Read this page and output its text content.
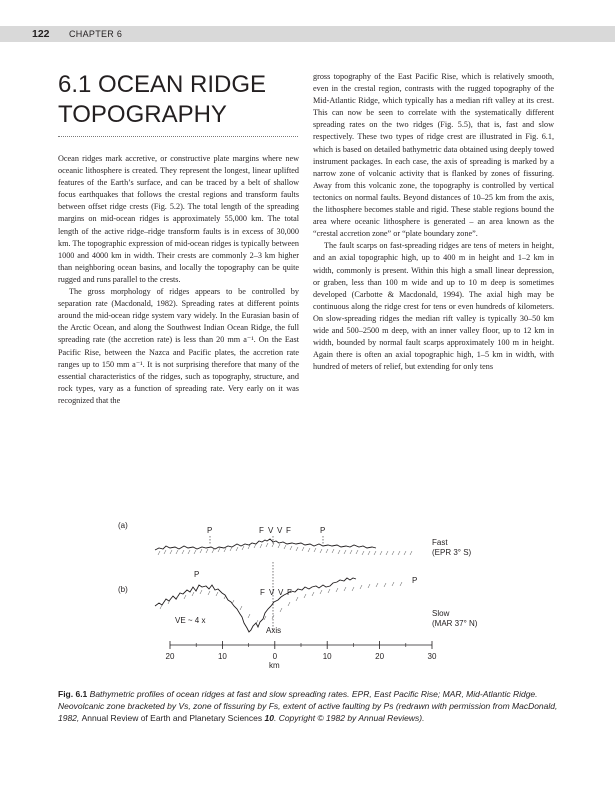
122 CHAPTER 6
6.1 OCEAN RIDGE TOPOGRAPHY

Ocean ridges mark accretive, or constructive plate margins where new oceanic lithosphere is created. They represent the longest, linear uplifted features of the Earth’s surface, and can be traced by a belt of shallow focus earthquakes that follows the crestal regions and transform faults between offset ridge crests (Fig. 5.2). The total length of the spreading margins on mid-ocean ridges is approximately 55,000 km. The total length of the active ridge–ridge transform faults is in excess of 30,000 km. The topographic expression of mid-ocean ridges is typically between 1000 and 4000 km in width. Their crests are commonly 2–3 km higher than neighboring ocean basins, and locally the topography can be quite rugged and runs parallel to the crests.

The gross morphology of ridges appears to be controlled by separation rate (Macdonald, 1982). Spreading rates at different points around the mid-ocean ridge system vary widely. In the Eurasian basin of the Arctic Ocean, and along the Southwest Indian Ocean Ridge, the full spreading rate (the accretion rate) is less than 20 mm a⁻¹. On the East Pacific Rise, between the Nazca and Pacific plates, the accretion rate ranges up to 150 mm a⁻¹. It is not surprising therefore that many of the essential characteristics of the ridges, such as topography, structure, and rock types, vary as a function of spreading rate. Very early on it was recognized that the

gross topography of the East Pacific Rise, which is relatively smooth, even in the crestal region, contrasts with the rugged topography of the Mid-Atlantic Ridge, which typically has a median rift valley at its crest. This can now be seen to correlate with the systematically different spreading rates on the two ridges (Fig. 5.5), that is, fast and slow respectively. These two types of ridge crest are illustrated in Fig. 6.1, which is based on detailed bathymetric data obtained using deeply towed instrument packages. In each case, the axis of spreading is marked by a narrow zone of volcanic activity that is flanked by zones of fissuring. Away from this volcanic zone, the topography is controlled by vertical tectonics on normal faults. Beyond distances of 10–25 km from the axis, the lithosphere becomes stable and rigid. These stable regions bound the area where oceanic lithosphere is generated – an area known as the “crestal accretion zone” or “plate boundary zone”.

The fault scarps on fast-spreading ridges are tens of meters in height, and an axial topographic high, up to 400 m in height and 1–2 km in width, commonly is present. Within this high a small linear depression, or graben, less than 100 m wide and up to 10 m deep is sometimes developed (Carbotte & Macdonald, 1994). The axial high may be continuous along the ridge crest for tens or even hundreds of kilometers. On slow-spreading ridges the median rift valley is typically 30–50 km wide and 500–2500 m deep, with an inner valley floor, up to 12 km in width, bounded by normal fault scarps approximately 100 m in height. Again there is often an axial topographic high, 1–5 km in width, with hundred of meters of relief, but extending for only tens

(a)
P	F V V F	P
Fast
(EPR 3° S)
(b)
P
F V V F
P
VE ~ 4 x
Axis
Slow
(MAR 37° N)
20	10	0	10	20	30
km

Fig. 6.1 Bathymetric profiles of ocean ridges at fast and slow spreading rates. EPR, East Pacific Rise; MAR, Mid-Atlantic Ridge. Neovolcanic zone bracketed by Vs, zone of fissuring by Fs, extent of active faulting by Ps (redrawn with permission from MacDonald, 1982, Annual Review of Earth and Planetary Sciences 10. Copyright © 1982 by Annual Reviews).
